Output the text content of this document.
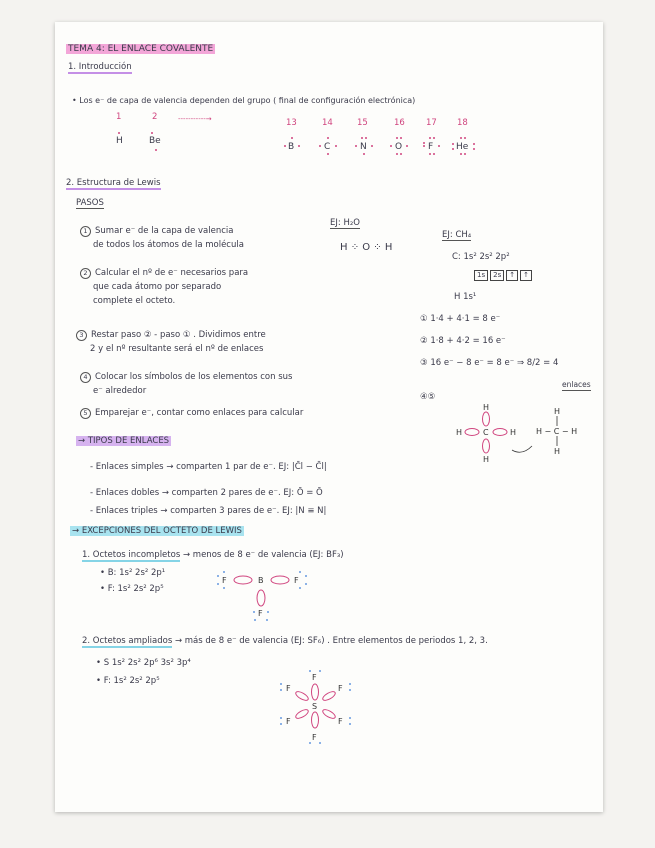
TEMA 4: EL ENLACE COVALENTE
1. Introducción
• Los e⁻ de capa de valencia dependen del grupo ( final de configuración electrónica)
1	2	-----------→	13	14	15	16 17 18
H	Be
B	C	N	O	F	He
2. Estructura de Lewis
PASOS
1 Sumar e⁻ de la capa de valencia
de todos los átomos de la molécula
2 Calcular el nº de e⁻ necesarios para
que cada átomo por separado
complete el octeto.
3 Restar paso ② - paso ① . Dividimos entre
2 y el nº resultante será el nº de enlaces
4 Colocar los símbolos de los elementos con sus
e⁻ alrededor
5 Emparejar e⁻, contar como enlaces para calcular
EJ: H₂O
H ⁘ O ⁘ H
EJ: CH₄
C: 1s² 2s² 2p²
1s 2s ↑ ↑
H 1s¹
① 1·4 + 4·1 = 8 e⁻
② 1·8 + 4·2 = 16 e⁻
③ 16 e⁻ − 8 e⁻ = 8 e⁻ ⇒ 8/2 = 4
enlaces
④⑤
H	C	H
H
H
H
H − C − H
H
→ TIPOS DE ENLACES
- Enlaces simples → comparten 1 par de e⁻. EJ: |C̄l − C̄l|
- Enlaces dobles → comparten 2 pares de e⁻. EJ: Ō = Ō
- Enlaces triples → comparten 3 pares de e⁻. EJ: |N ≡ N|
→ EXCEPCIONES DEL OCTETO DE LEWIS
1. Octetos incompletos → menos de 8 e⁻ de valencia (EJ: BF₃)
• B: 1s² 2s² 2p¹
• F: 1s² 2s² 2p⁵
F	B	F
F
2. Octetos ampliados → más de 8 e⁻ de valencia (EJ: SF₆) . Entre elementos de periodos 1, 2, 3.
• S 1s² 2s² 2p⁶ 3s² 3p⁴
• F: 1s² 2s² 2p⁵
S
F
F
F	F
F	F
